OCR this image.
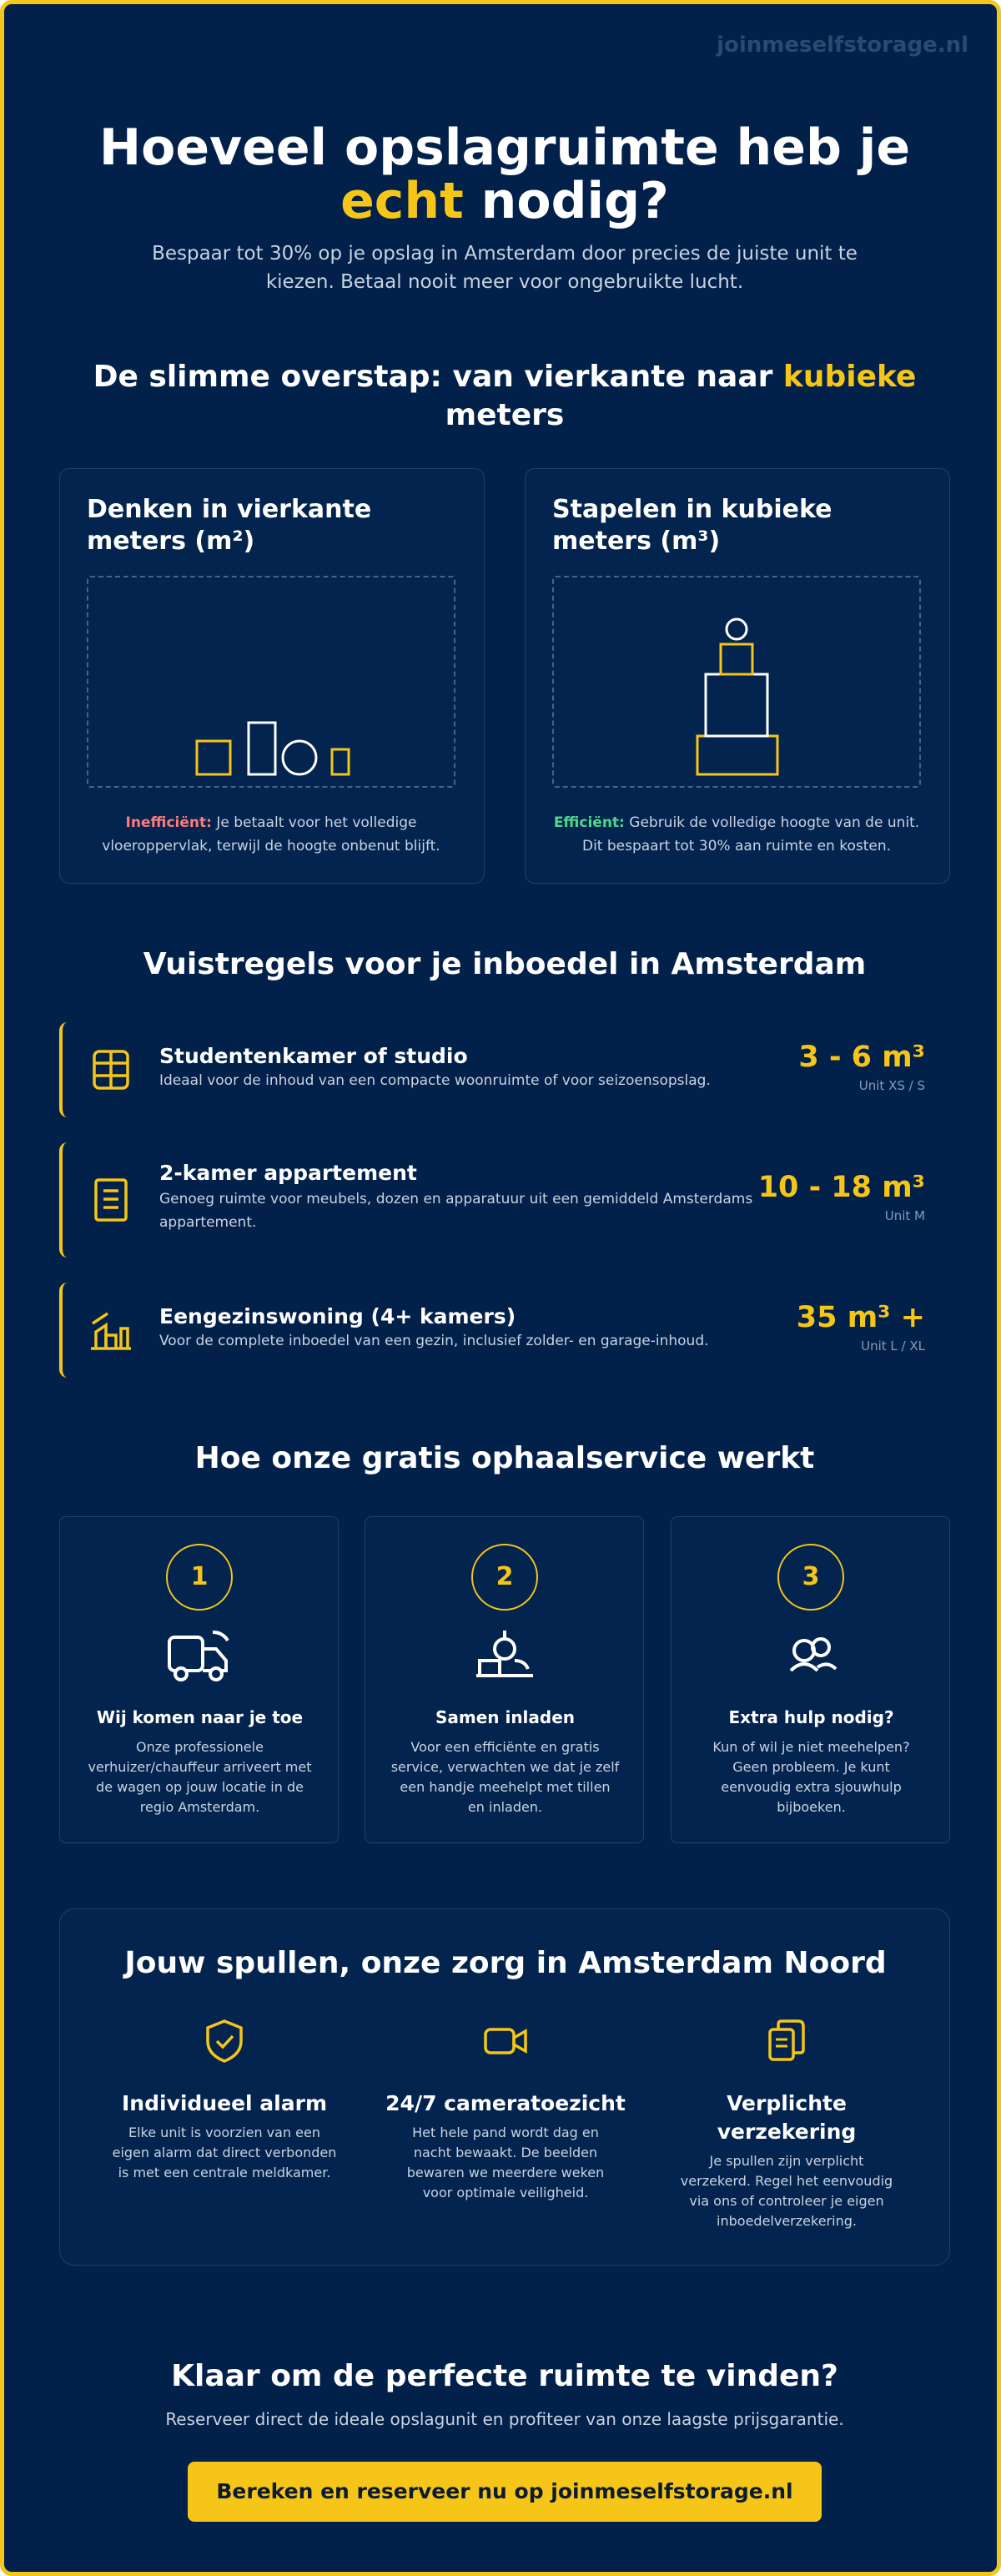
joinmeselfstorage.nl
Hoeveel opslagruimte heb je
echt nodig?
Bespaar tot 30% op je opslag in Amsterdam door precies de juiste unit te kiezen. Betaal nooit meer voor ongebruikte lucht.
De slimme overstap: van vierkante naar kubieke
meters
Denken in vierkante meters (m²)
Inefficiënt: Je betaalt voor het volledige vloeroppervlak, terwijl de hoogte onbenut blijft.
Stapelen in kubieke meters (m³)
Efficiënt: Gebruik de volledige hoogte van de unit. Dit bespaart tot 30% aan ruimte en kosten.
Vuistregels voor je inboedel in Amsterdam
Studentenkamer of studio
Ideaal voor de inhoud van een compacte woonruimte of voor seizoensopslag.
3 - 6 m³
Unit XS / S
2-kamer appartement
Genoeg ruimte voor meubels, dozen en apparatuur uit een gemiddeld Amsterdams appartement.
10 - 18 m³
Unit M
Eengezinswoning (4+ kamers)
Voor de complete inboedel van een gezin, inclusief zolder- en garage-inhoud.
35 m³ +
Unit L / XL
Hoe onze gratis ophaalservice werkt
1
Wij komen naar je toe
Onze professionele verhuizer/chauffeur arriveert met de wagen op jouw locatie in de regio Amsterdam.
2
Samen inladen
Voor een efficiënte en gratis service, verwachten we dat je zelf een handje meehelpt met tillen en inladen.
3
Extra hulp nodig?
Kun of wil je niet meehelpen? Geen probleem. Je kunt eenvoudig extra sjouwhulp bijboeken.
Jouw spullen, onze zorg in Amsterdam Noord
Individueel alarm
Elke unit is voorzien van een eigen alarm dat direct verbonden is met een centrale meldkamer.
24/7 cameratoezicht
Het hele pand wordt dag en nacht bewaakt. De beelden bewaren we meerdere weken voor optimale veiligheid.
Verplichte verzekering
Je spullen zijn verplicht verzekerd. Regel het eenvoudig via ons of controleer je eigen inboedelverzekering.
Klaar om de perfecte ruimte te vinden?
Reserveer direct de ideale opslagunit en profiteer van onze laagste prijsgarantie.
Bereken en reserveer nu op joinmeselfstorage.nl
